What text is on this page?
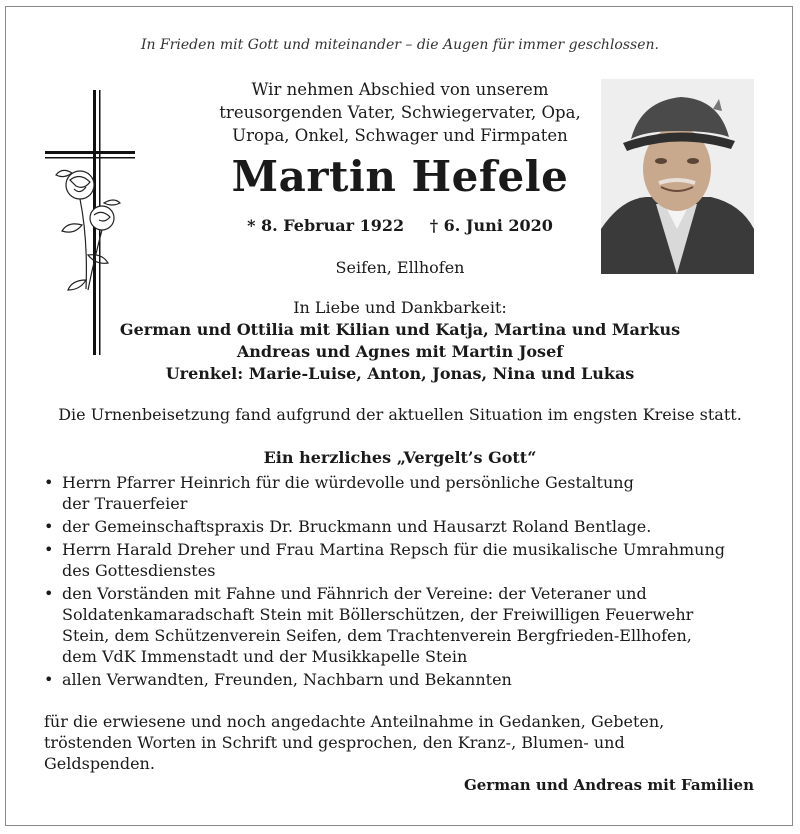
In Frieden mit Gott und miteinander – die Augen für immer geschlossen.
Wir nehmen Abschied von unserem
treusorgenden Vater, Schwiegervater, Opa,
Uropa, Onkel, Schwager und Firmpaten
Martin Hefele
* 8. Februar 1922 † 6. Juni 2020
Seifen, Ellhofen
In Liebe und Dankbarkeit:
German und Ottilia mit Kilian und Katja, Martina und Markus
Andreas und Agnes mit Martin Josef
Urenkel: Marie-Luise, Anton, Jonas, Nina und Lukas
Die Urnenbeisetzung fand aufgrund der aktuellen Situation im engsten Kreise statt.
Ein herzliches „Vergelt’s Gott“
• Herrn Pfarrer Heinrich für die würdevolle und persönliche Gestaltung
der Trauerfeier
• der Gemeinschaftspraxis Dr. Bruckmann und Hausarzt Roland Bentlage.
• Herrn Harald Dreher und Frau Martina Repsch für die musikalische Umrahmung
des Gottesdienstes
• den Vorständen mit Fahne und Fähnrich der Vereine: der Veteraner und
Soldatenkamaradschaft Stein mit Böllerschützen, der Freiwilligen Feuerwehr
Stein, dem Schützenverein Seifen, dem Trachtenverein Bergfrieden-Ellhofen,
dem VdK Immenstadt und der Musikkapelle Stein
• allen Verwandten, Freunden, Nachbarn und Bekannten
für die erwiesene und noch angedachte Anteilnahme in Gedanken, Gebeten,
tröstenden Worten in Schrift und gesprochen, den Kranz-, Blumen- und
Geldspenden.
German und Andreas mit Familien
